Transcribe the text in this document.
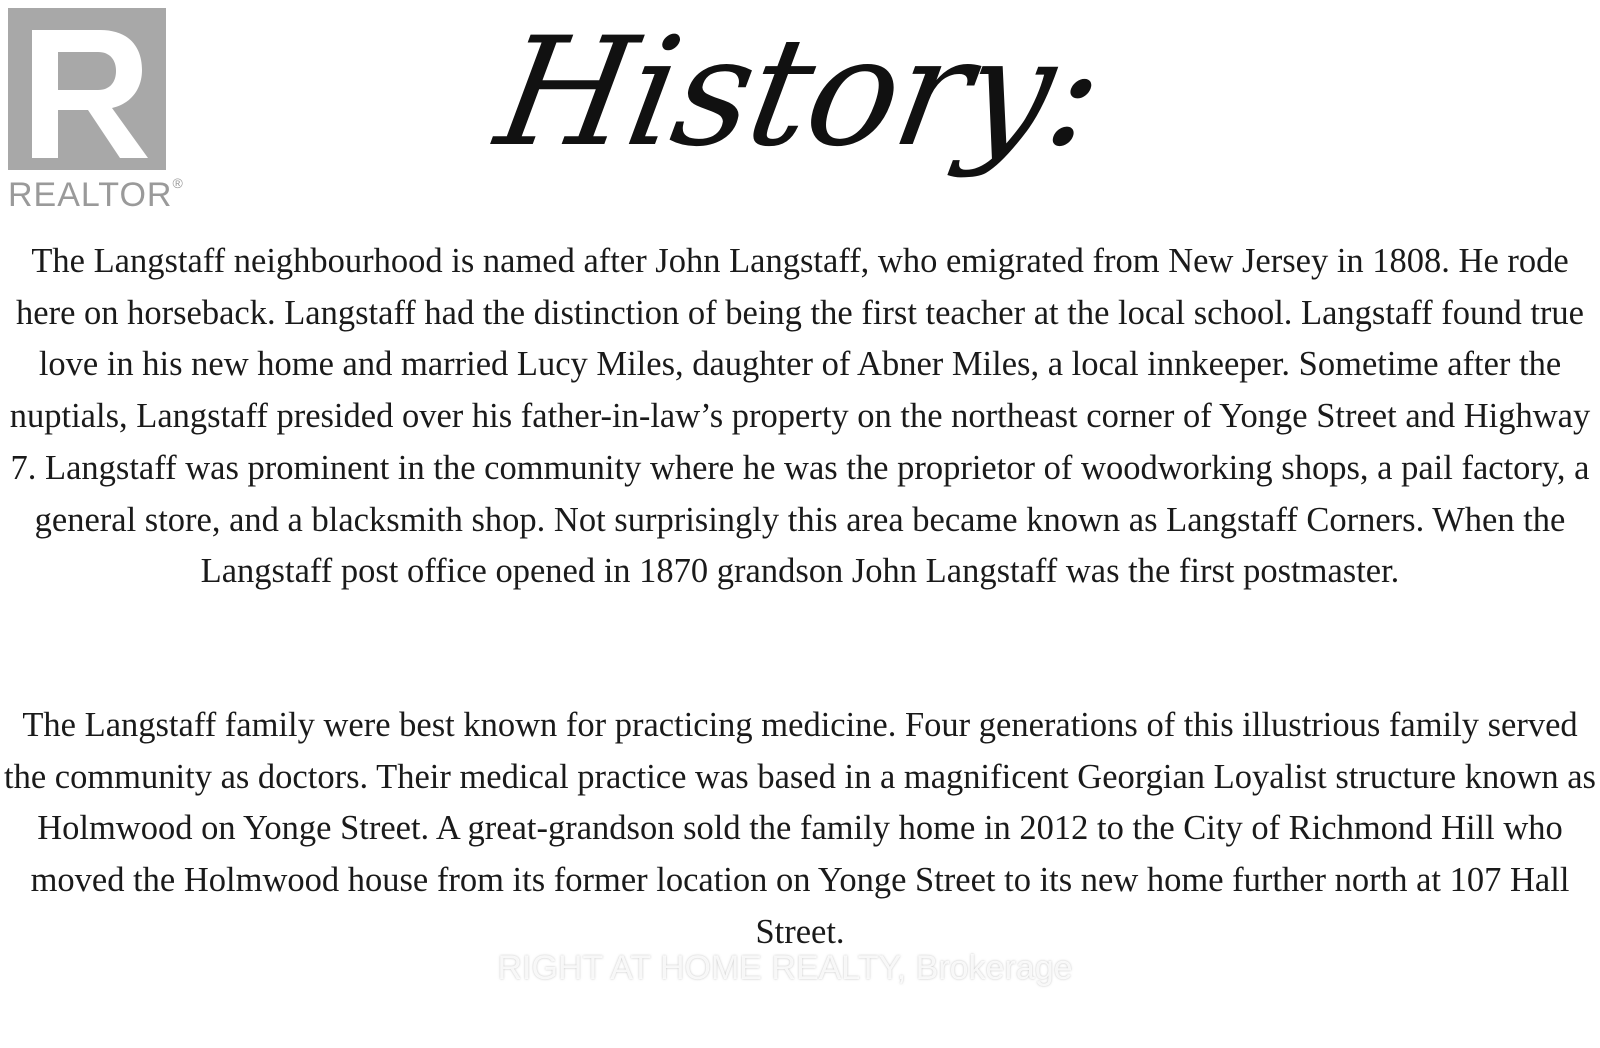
REALTOR®
History:

The Langstaff neighbourhood is named after John Langstaff, who emigrated from New Jersey in 1808. He rode here on horseback. Langstaff had the distinction of being the first teacher at the local school. Langstaff found true love in his new home and married Lucy Miles, daughter of Abner Miles, a local innkeeper. Sometime after the nuptials, Langstaff presided over his father-in-law’s property on the northeast corner of Yonge Street and Highway 7. Langstaff was prominent in the community where he was the proprietor of woodworking shops, a pail factory, a general store, and a blacksmith shop. Not surprisingly this area became known as Langstaff Corners. When the Langstaff post office opened in 1870 grandson John Langstaff was the first postmaster.

The Langstaff family were best known for practicing medicine. Four generations of this illustrious family served the community as doctors. Their medical practice was based in a magnificent Georgian Loyalist structure known as Holmwood on Yonge Street. A great-grandson sold the family home in 2012 to the City of Richmond Hill who moved the Holmwood house from its former location on Yonge Street to its new home further north at 107 Hall Street.

RIGHT AT HOME REALTY, Brokerage
